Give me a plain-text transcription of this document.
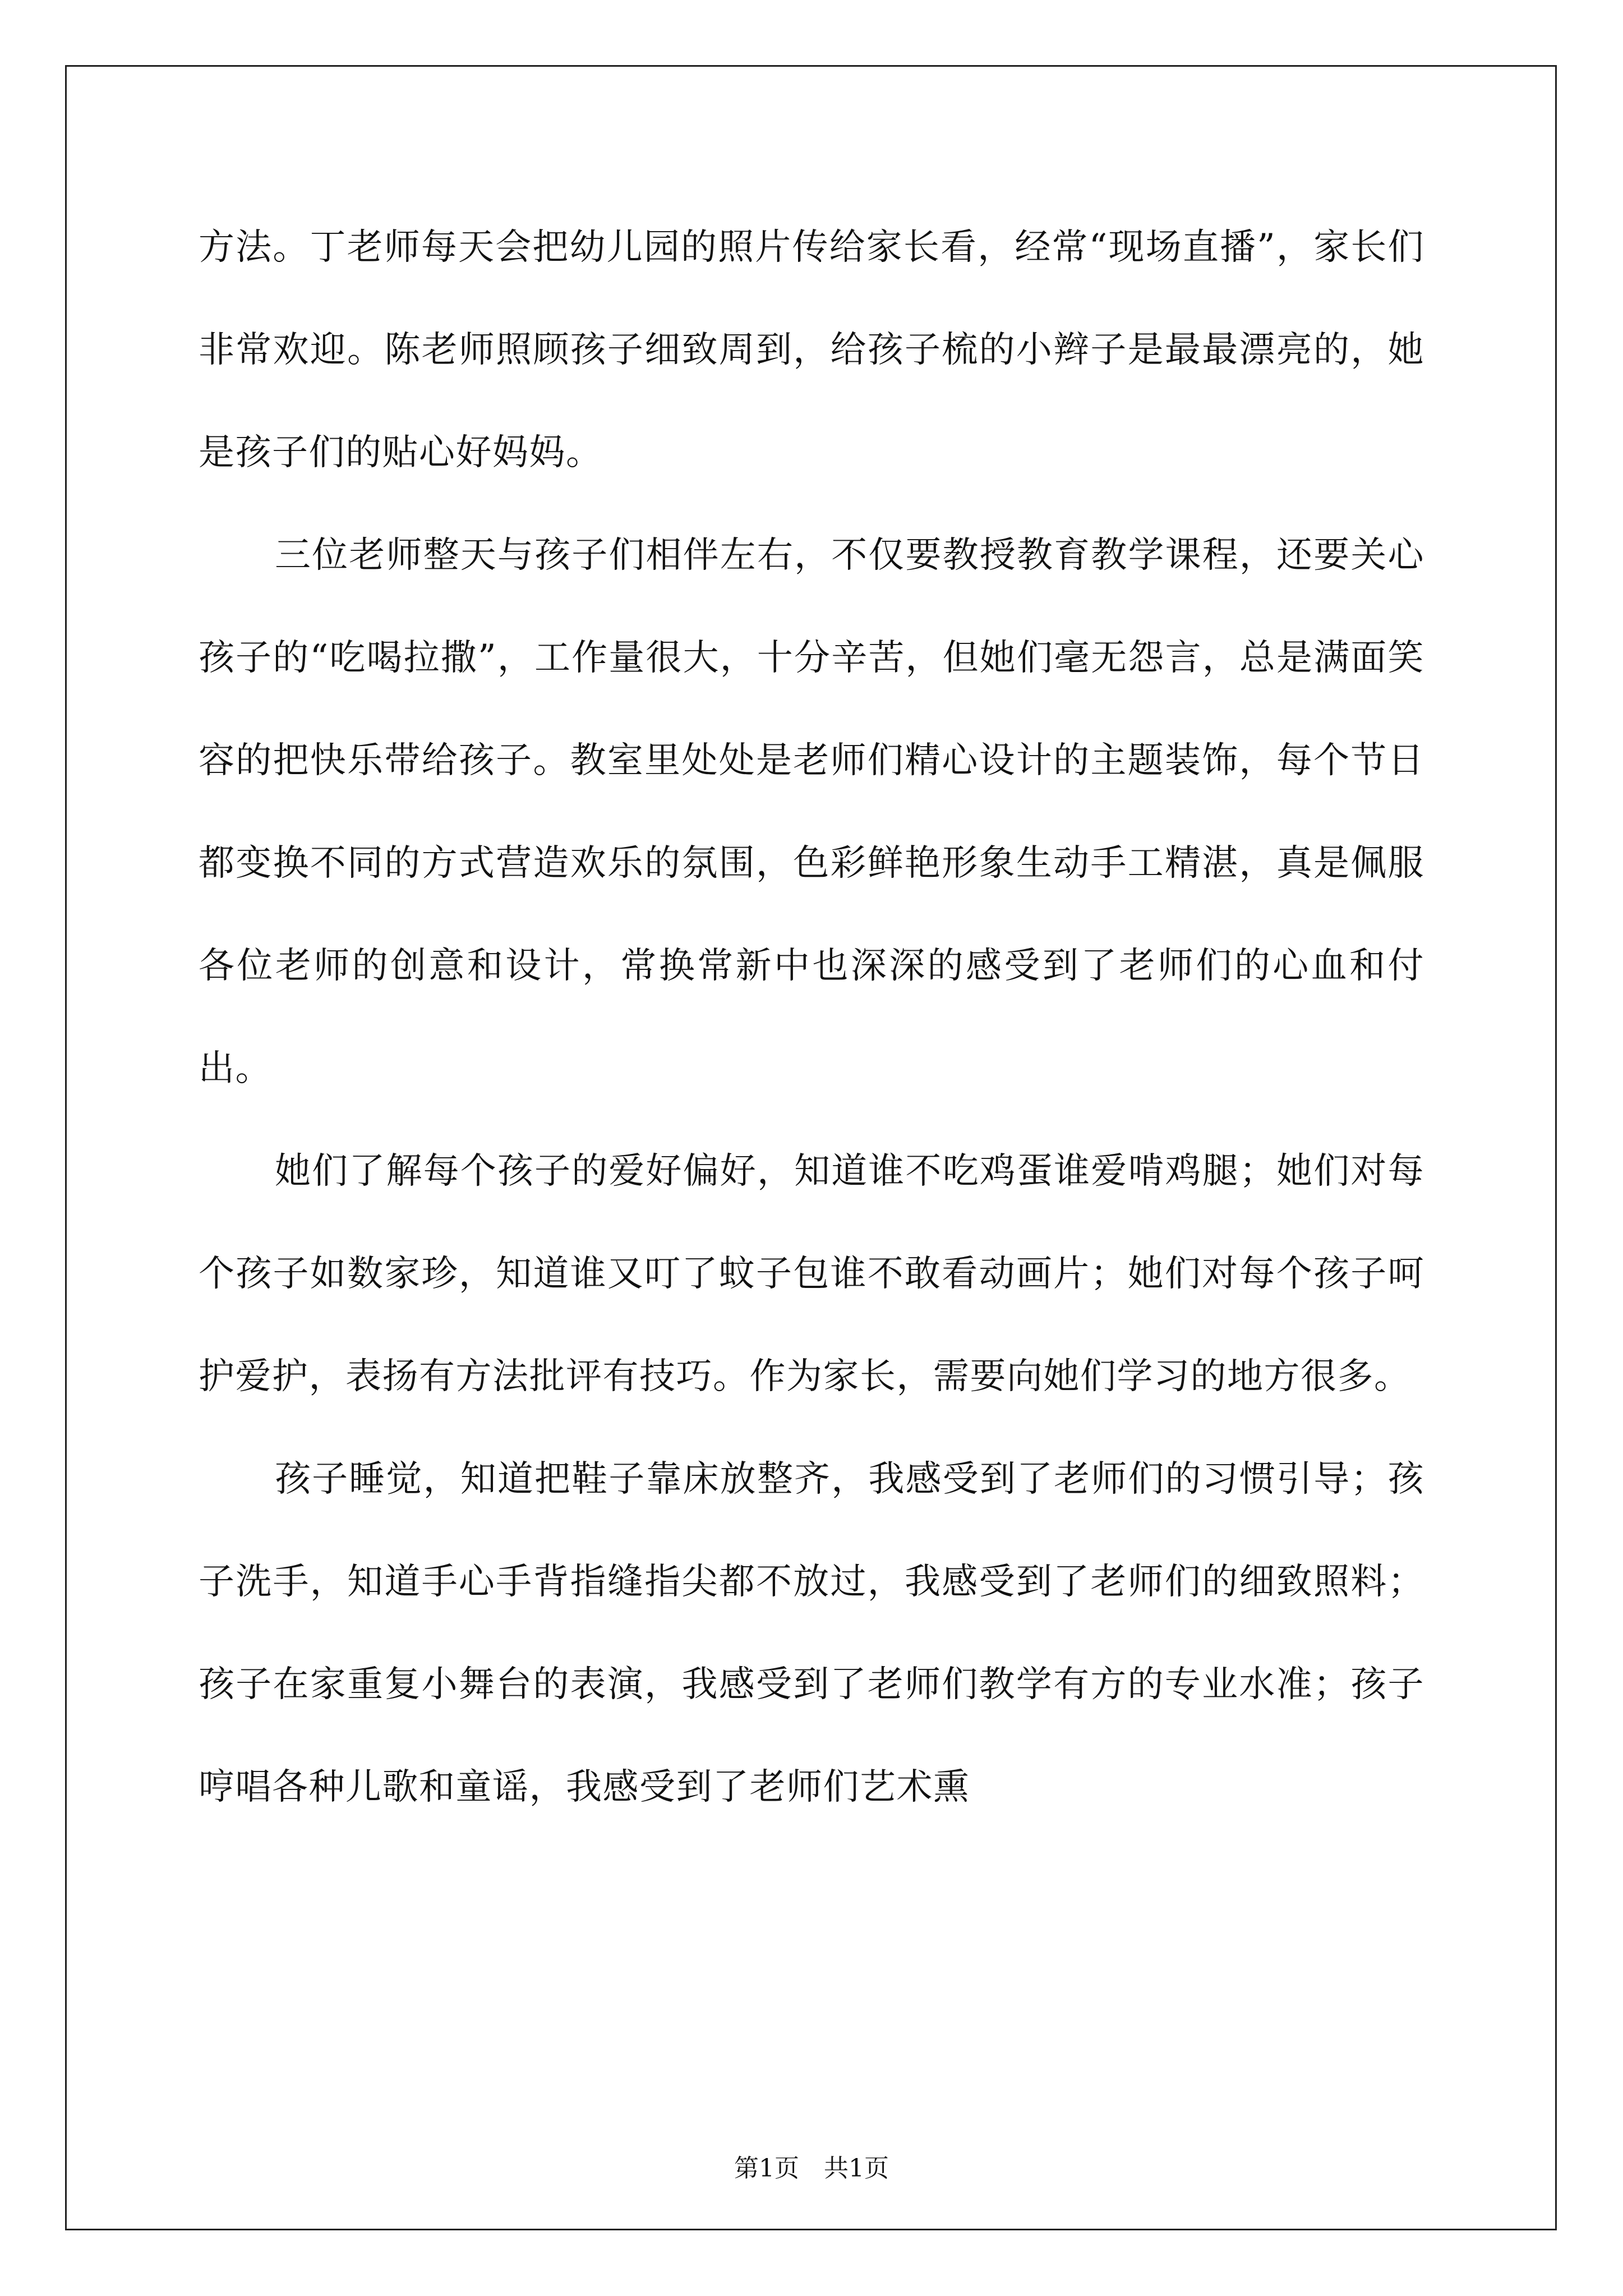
方法。丁老师每天会把幼儿园的照片传给家长看，经常“现场直播”，家长们非常欢迎。陈老师照顾孩子细致周到，给孩子梳的小辫子是最最漂亮的，她是孩子们的贴心好妈妈。

三位老师整天与孩子们相伴左右，不仅要教授教育教学课程，还要关心孩子的“吃喝拉撒”，工作量很大，十分辛苦，但她们毫无怨言，总是满面笑容的把快乐带给孩子。教室里处处是老师们精心设计的主题装饰，每个节日都变换不同的方式营造欢乐的氛围，色彩鲜艳形象生动手工精湛，真是佩服各位老师的创意和设计，常换常新中也深深的感受到了老师们的心血和付出。

她们了解每个孩子的爱好偏好，知道谁不吃鸡蛋谁爱啃鸡腿；她们对每个孩子如数家珍，知道谁又叮了蚊子包谁不敢看动画片；她们对每个孩子呵护爱护，表扬有方法批评有技巧。作为家长，需要向她们学习的地方很多。

孩子睡觉，知道把鞋子靠床放整齐，我感受到了老师们的习惯引导；孩子洗手，知道手心手背指缝指尖都不放过，我感受到了老师们的细致照料；孩子在家重复小舞台的表演，我感受到了老师们教学有方的专业水准；孩子哼唱各种儿歌和童谣，我感受到了老师们艺术熏

第1页 共1页
